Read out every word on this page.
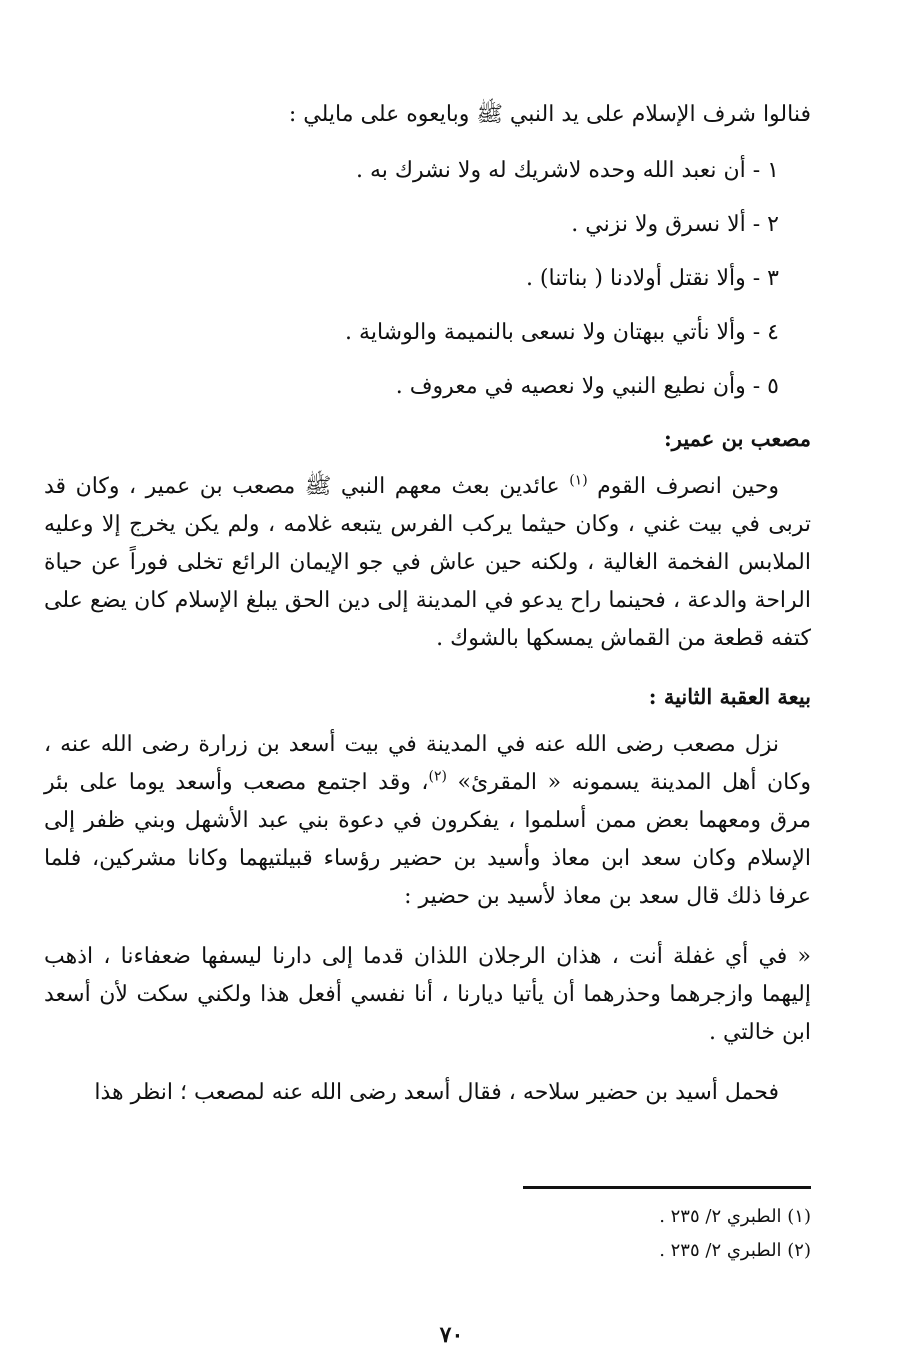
فنالوا شرف الإسلام على يد النبي ﷺ وبايعوه على مايلي :
١ - أن نعبد الله وحده لاشريك له ولا نشرك به .
٢ - ألا نسرق ولا نزني .
٣ - وألا نقتل أولادنا ( بناتنا) .
٤ - وألا نأتي ببهتان ولا نسعى بالنميمة والوشاية .
٥ - وأن نطيع النبي ولا نعصيه في معروف .
مصعب بن عمير:

وحين انصرف القوم $^{(١)}$ عائدين بعث معهم النبي ﷺ مصعب بن عمير ، وكان قد تربى في بيت غني ، وكان حيثما يركب الفرس يتبعه غلامه ، ولم يكن يخرج إلا وعليه الملابس الفخمة الغالية ، ولكنه حين عاش في جو الإيمان الرائع تخلى فوراً عن حياة الراحة والدعة ، فحينما راح يدعو في المدينة إلى دين الحق يبلغ الإسلام كان يضع على كتفه قطعة من القماش يمسكها بالشوك .

بيعة العقبة الثانية :

نزل مصعب رضى الله عنه في المدينة في بيت أسعد بن زرارة رضى الله عنه ، وكان أهل المدينة يسمونه « المقرئ» $^{(٢)}$، وقد اجتمع مصعب وأسعد يوما على بئر مرق ومعهما بعض ممن أسلموا ، يفكرون في دعوة بني عبد الأشهل وبني ظفر إلى الإسلام وكان سعد ابن معاذ وأسيد بن حضير رؤساء قبيلتيهما وكانا مشركين، فلما عرفا ذلك قال سعد بن معاذ لأسيد بن حضير :

« في أي غفلة أنت ، هذان الرجلان اللذان قدما إلى دارنا ليسفها ضعفاءنا ، اذهب إليهما وازجرهما وحذرهما أن يأتيا ديارنا ، أنا نفسي أفعل هذا ولكني سكت لأن أسعد ابن خالتي .

فحمل أسيد بن حضير سلاحه ، فقال أسعد رضى الله عنه لمصعب ؛ انظر هذا

(١) الطبري ٢/ ٢٣٥ .
(٢) الطبري ٢/ ٢٣٥ .
٧٠
